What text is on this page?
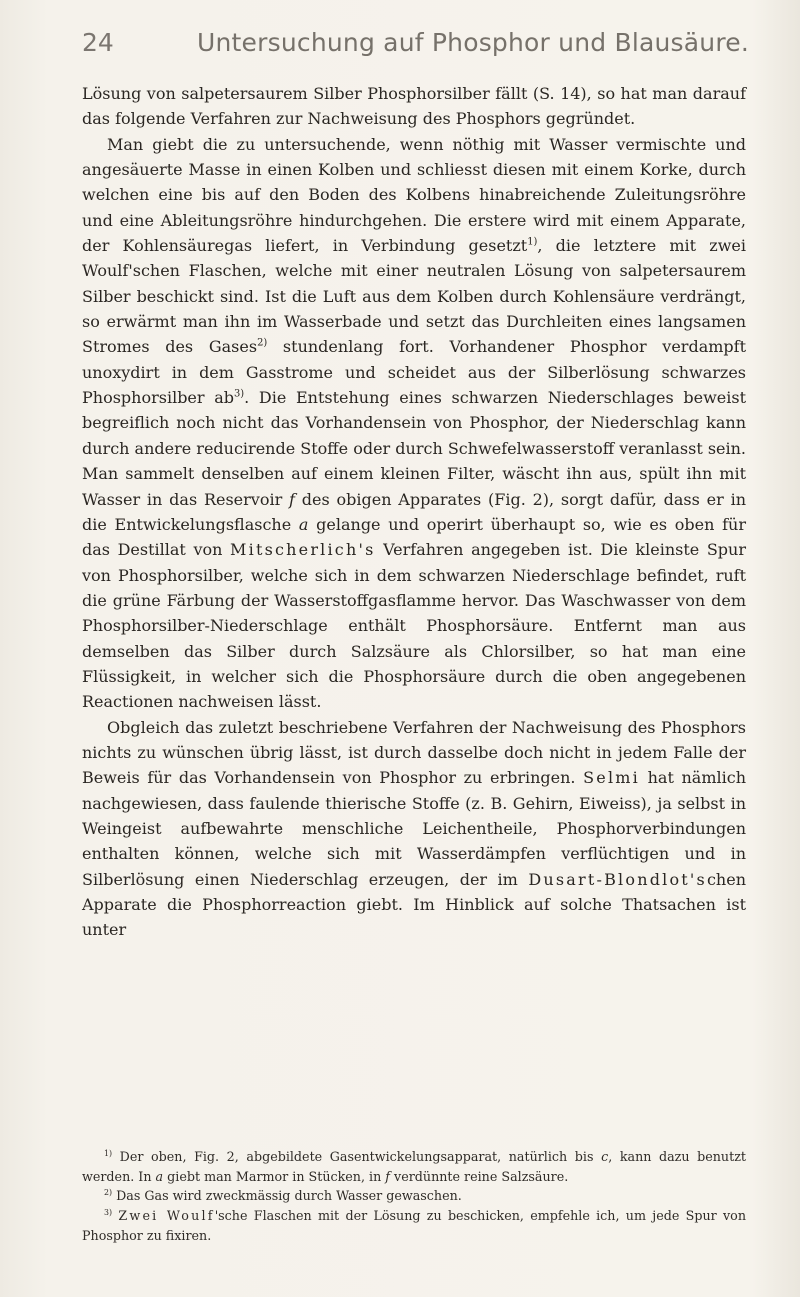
24	Untersuchung auf Phosphor und Blausäure.

Lösung von salpetersaurem Silber Phosphorsilber fällt (S. 14), so hat man darauf das folgende Verfahren zur Nachweisung des Phosphors gegründet.

Man giebt die zu untersuchende, wenn nöthig mit Wasser vermischte und angesäuerte Masse in einen Kolben und schliesst diesen mit einem Korke, durch welchen eine bis auf den Boden des Kolbens hinabreichende Zuleitungsröhre und eine Ableitungsröhre hindurchgehen. Die erstere wird mit einem Apparate, der Kohlensäuregas liefert, in Verbindung gesetzt$^{1)}$, die letztere mit zwei Woulf'schen Flaschen, welche mit einer neutralen Lösung von salpetersaurem Silber beschickt sind. Ist die Luft aus dem Kolben durch Kohlensäure verdrängt, so erwärmt man ihn im Wasserbade und setzt das Durchleiten eines langsamen Stromes des Gases$^{2)}$ stundenlang fort. Vorhandener Phosphor verdampft unoxydirt in dem Gasstrome und scheidet aus der Silberlösung schwarzes Phosphorsilber $ab^{3)}$. Die Entstehung eines schwarzen Niederschlages beweist begreiflich noch nicht das Vorhandensein von Phosphor, der Niederschlag kann durch andere reducirende Stoffe oder durch Schwefelwasserstoff veranlasst sein. Man sammelt denselben auf einem kleinen Filter, wäscht ihn aus, spült ihn mit Wasser in das Reservoir f des obigen Apparates (Fig. 2), sorgt dafür, dass er in die Entwickelungsflasche a gelange und operirt überhaupt so, wie es oben für das Destillat von Mitscherlich's Verfahren angegeben ist. Die kleinste Spur von Phosphorsilber, welche sich in dem schwarzen Niederschlage befindet, ruft die grüne Färbung der Wasserstoffgasflamme hervor. Das Waschwasser von dem Phosphorsilber-Niederschlage enthält Phosphorsäure. Entfernt man aus demselben das Silber durch Salzsäure als Chlorsilber, so hat man eine Flüssigkeit, in welcher sich die Phosphorsäure durch die oben angegebenen Reactionen nachweisen lässt.

Obgleich das zuletzt beschriebene Verfahren der Nachweisung des Phosphors nichts zu wünschen übrig lässt, ist durch dasselbe doch nicht in jedem Falle der Beweis für das Vorhandensein von Phosphor zu erbringen. Selmi hat nämlich nachgewiesen, dass faulende thierische Stoffe (z. B. Gehirn, Eiweiss), ja selbst in Weingeist aufbewahrte menschliche Leichentheile, Phosphorverbindungen enthalten können, welche sich mit Wasserdämpfen verflüchtigen und in Silberlösung einen Niederschlag erzeugen, der im Dusart-Blondlot'schen Apparate die Phosphorreaction giebt. Im Hinblick auf solche Thatsachen ist unter

$^{1)}$ Der oben, Fig. 2, abgebildete Gasentwickelungsapparat, natürlich bis c, kann dazu benutzt werden. In a giebt man Marmor in Stücken, in f verdünnte reine Salzsäure.

$^{2)}$ Das Gas wird zweckmässig durch Wasser gewaschen.

$^{3)}$ Zwei Woulf'sche Flaschen mit der Lösung zu beschicken, empfehle ich, um jede Spur von Phosphor zu fixiren.
